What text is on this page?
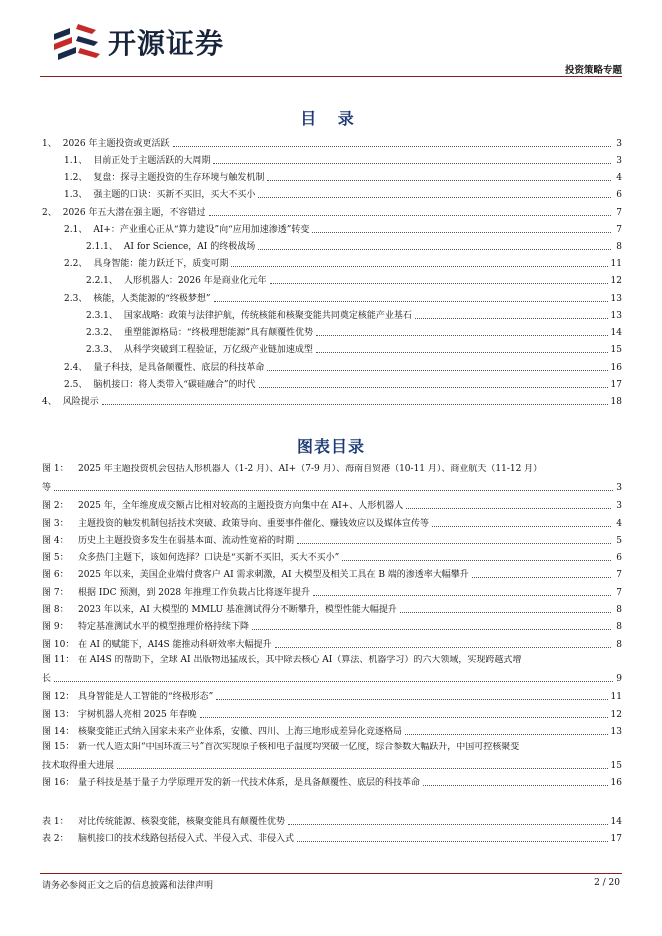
开源证券
投资策略专题
目 录
1、 2026 年主题投资或更活跃	3
1.1、 目前正处于主题活跃的大周期	3
1.2、 复盘：探寻主题投资的生存环境与触发机制	4
1.3、 强主题的口诀：买新不买旧，买大不买小	6
2、 2026 年五大潜在强主题，不容错过	7
2.1、 AI+：产业重心正从“算力建设”向“应用加速渗透”转变	7
2.1.1、 AI for Science，AI 的终极战场	8
2.2、 具身智能：能力跃迁下，质变可期	11
2.2.1、 人形机器人：2026 年是商业化元年	12
2.3、 核能，人类能源的“终极梦想”	13
2.3.1、 国家战略：政策与法律护航，传统核能和核聚变能共同奠定核能产业基石	13
2.3.2、 重塑能源格局：“终极理想能源”具有颠覆性优势	14
2.3.3、 从科学突破到工程验证，万亿级产业链加速成型	15
2.4、 量子科技，是具备颠覆性、底层的科技革命	16
2.5、 脑机接口：将人类带入“碳硅融合”的时代	17
4、 风险提示	18
图表目录
图 1：	2025 年主题投资机会包括人形机器人（1-2 月）、AI+（7-9 月）、海南自贸港（10-11 月）、商业航天（11-12 月）
等	3
图 2：	2025 年，全年维度成交额占比相对较高的主题投资方向集中在 AI+、人形机器人	3
图 3：	主题投资的触发机制包括技术突破、政策导向、重要事件催化、赚钱效应以及媒体宣传等	4
图 4：	历史上主题投资多发生在弱基本面、流动性宽裕的时期	5
图 5：	众多热门主题下，该如何选择？口诀是“买新不买旧，买大不买小”	6
图 6：	2025 年以来，美国企业端付费客户 AI 需求刺激，AI 大模型及相关工具在 B 端的渗透率大幅攀升	7
图 7：	根据 IDC 预测，到 2028 年推理工作负载占比将逐年提升	7
图 8：	2023 年以来，AI 大模型的 MMLU 基准测试得分不断攀升，模型性能大幅提升	8
图 9：	特定基准测试水平的模型推理价格持续下降	8
图 10： 在 AI 的赋能下，AI4S 能推动科研效率大幅提升	8
图 11： 在 AI4S 的帮助下，全球 AI 出版物迅猛成长，其中除去核心 AI（算法、机器学习）的六大领域，实现跨越式增
长	9
图 12： 具身智能是人工智能的“终极形态”	11
图 13： 宇树机器人亮相 2025 年春晚	12
图 14： 核聚变能正式纳入国家未来产业体系，安徽、四川、上海三地形成差异化竞逐格局	13
图 15： 新一代人造太阳“中国环流三号”首次实现原子核和电子温度均突破一亿度，综合参数大幅跃升，中国可控核聚变
技术取得重大进展	15
图 16： 量子科技是基于量子力学原理开发的新一代技术体系，是具备颠覆性、底层的科技革命	16
表 1：	对比传统能源、核裂变能，核聚变能具有颠覆性优势	14
表 2：	脑机接口的技术线路包括侵入式、半侵入式、非侵入式	17
请务必参阅正文之后的信息披露和法律声明	2 / 20
